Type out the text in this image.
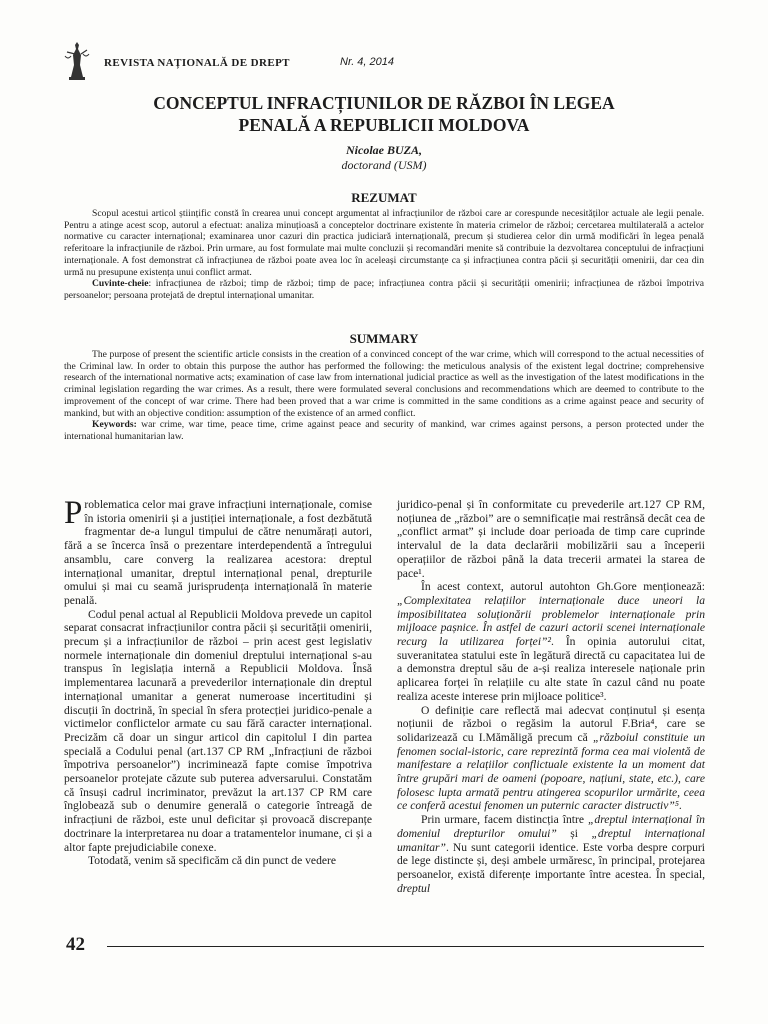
REVISTA NAȚIONALĂ DE DREPT	Nr. 4, 2014
CONCEPTUL INFRACȚIUNILOR DE RĂZBOI ÎN LEGEA
PENALĂ A REPUBLICII MOLDOVA
Nicolae BUZA,
doctorand (USM)
REZUMAT

Scopul acestui articol științific constă în crearea unui concept argumentat al infracțiunilor de război care ar corespunde necesităților actuale ale legii penale. Pentru a atinge acest scop, autorul a efectuat: analiza minuțioasă a conceptelor doctrinare existente în materia crimelor de război; cercetarea multilaterală a actelor normative cu caracter internațional; examinarea unor cazuri din practica judiciară internațională, precum și studierea celor din urmă modificări în legea penală referitoare la infracțiunile de război. Prin urmare, au fost formulate mai multe concluzii și recomandări menite să contribuie la dezvoltarea conceptului de infracțiuni internaționale. A fost demonstrat că infracțiunea de război poate avea loc în aceleași circumstanțe ca și infracțiunea contra păcii și securității omenirii, dar cea din urmă nu presupune existența unui conflict armat.

Cuvinte-cheie: infracțiunea de război; timp de război; timp de pace; infracțiunea contra păcii și securității omenirii; infracțiunea de război împotriva persoanelor; persoana protejată de dreptul internațional umanitar.

SUMMARY

The purpose of present the scientific article consists in the creation of a convinced concept of the war crime, which will correspond to the actual necessities of the Criminal law. In order to obtain this purpose the author has performed the following: the meticulous analysis of the existent legal doctrine; comprehensive research of the international normative acts; examination of case law from international judicial practice as well as the investigation of the latest modifications in the criminal legislation regarding the war crimes. As a result, there were formulated several conclusions and recommendations which are deemed to contribute to the improvement of the concept of war crime. There had been proved that a war crime is committed in the same conditions as a crime against peace and security of mankind, but with an objective condition: assumption of the existence of an armed conflict.

Keywords: war crime, war time, peace time, crime against peace and security of mankind, war crimes against persons, a person protected under the international humanitarian law.

Problematica celor mai grave infracțiuni internaționale, comise în istoria omenirii și a justiției internaționale, a fost dezbătută fragmentar de-a lungul timpului de către nenumărați autori, fără a se încerca însă o prezentare interdependentă a întregului ansamblu, care converg la realizarea acestora: dreptul internațional umanitar, dreptul internațional penal, drepturile omului și mai cu seamă jurisprudența internațională în materie penală.

Codul penal actual al Republicii Moldova prevede un capitol separat consacrat infracțiunilor contra păcii și securității omenirii, precum și a infracțiunilor de război – prin acest gest legislativ normele internaționale din domeniul dreptului internațional s-au transpus în legislația internă a Republicii Moldova. Însă implementarea lacunară a prevederilor internaționale din dreptul internațional umanitar a generat numeroase incertitudini și discuții în doctrină, în special în sfera protecției juridico-penale a victimelor conflictelor armate cu sau fără caracter internațional. Precizăm că doar un singur articol din capitolul I din partea specială a Codului penal (art.137 CP RM „Infracțiuni de război împotriva persoanelor”) incriminează fapte comise împotriva persoanelor protejate căzute sub puterea adversarului. Constatăm că însuși cadrul incriminator, prevăzut la art.137 CP RM care înglobează sub o denumire generală o categorie întreagă de infracțiuni de război, este unul deficitar și provoacă discrepanțe doctrinare la interpretarea nu doar a tratamentelor inumane, ci și a altor fapte prejudiciabile conexe.

Totodată, venim să specificăm că din punct de vedere

juridico-penal și în conformitate cu prevederile art.127 CP RM, noțiunea de „război” are o semnificație mai restrânsă decât cea de „conflict armat” și include doar perioada de timp care cuprinde intervalul de la data declarării mobilizării sau a începerii operațiilor de război până la data trecerii armatei la starea de pace¹.

În acest context, autorul autohton Gh.Gore menționează: „Complexitatea relațiilor internaționale duce uneori la imposibilitatea soluționării problemelor internaționale prin mijloace pașnice. În astfel de cazuri actorii scenei internaționale recurg la utilizarea forței”². În opinia autorului citat, suveranitatea statului este în legătură directă cu capacitatea lui de a demonstra dreptul său de a-și realiza interesele naționale prin aplicarea forței în relațiile cu alte state în cazul când nu poate realiza aceste interese prin mijloace politice³.

O definiție care reflectă mai adecvat conținutul și esența noțiunii de război o regăsim la autorul F.Bria⁴, care se solidarizează cu I.Mămăligă precum că „războiul constituie un fenomen social-istoric, care reprezintă forma cea mai violentă de manifestare a relațiilor conflictuale existente la un moment dat între grupări mari de oameni (popoare, națiuni, state, etc.), care folosesc lupta armată pentru atingerea scopurilor urmărite, ceea ce conferă acestui fenomen un puternic caracter distructiv”⁵.

Prin urmare, facem distincția între „dreptul internațional în domeniul drepturilor omului” și „dreptul internațional umanitar”. Nu sunt categorii identice. Este vorba despre corpuri de lege distincte și, deși ambele urmăresc, în principal, protejarea persoanelor, există diferențe importante între acestea. În special, dreptul

42
